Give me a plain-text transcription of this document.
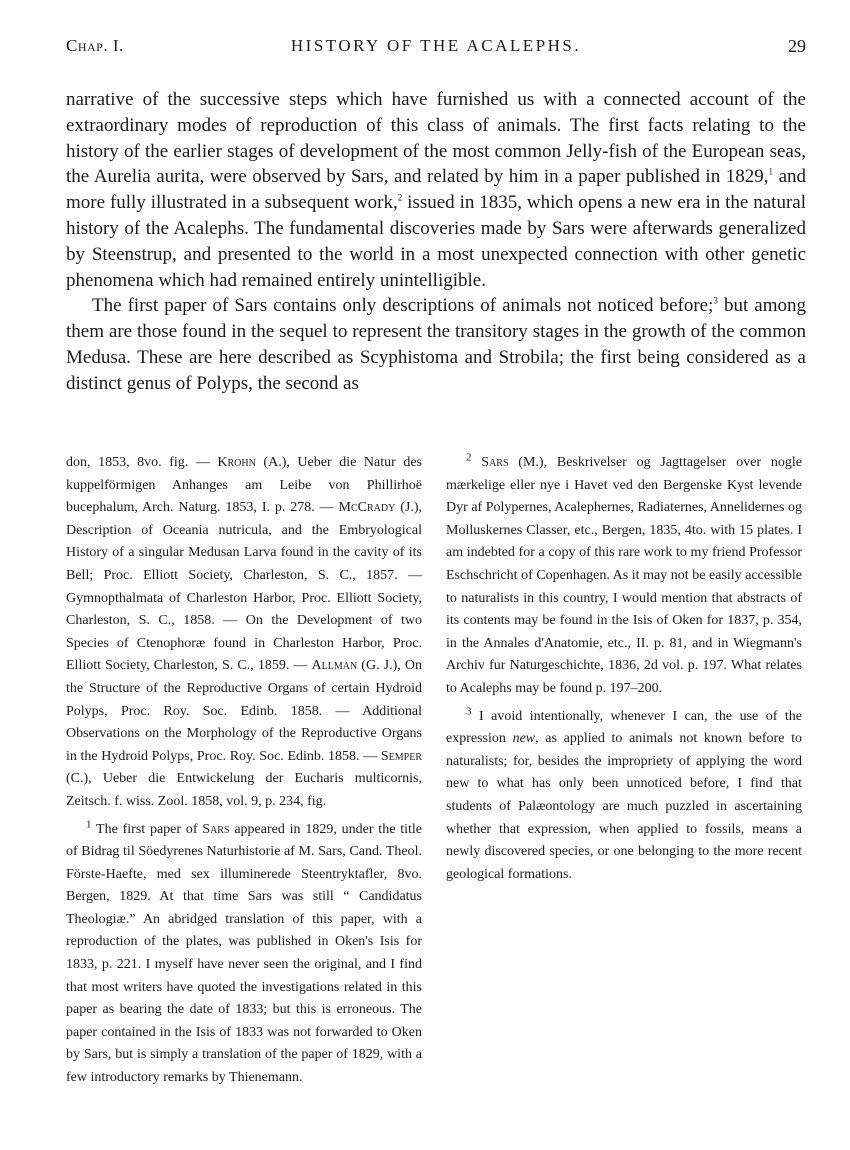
Chap. I.	HISTORY OF THE ACALEPHS.	29

narrative of the successive steps which have furnished us with a connected account of the extraordinary modes of reproduction of this class of animals. The first facts relating to the history of the earlier stages of development of the most common Jelly-fish of the European seas, the Aurelia aurita, were observed by Sars, and related by him in a paper published in 1829,$^1$ and more fully illustrated in a subsequent work,$^2$ issued in 1835, which opens a new era in the natural history of the Acalephs. The fundamental discoveries made by Sars were afterwards generalized by Steenstrup, and presented to the world in a most unexpected connection with other genetic phenomena which had remained entirely unintelligible.

The first paper of Sars contains only descriptions of animals not noticed before;$^3$ but among them are those found in the sequel to represent the transitory stages in the growth of the common Medusa. These are here described as Scyphistoma and Strobila; the first being considered as a distinct genus of Polyps, the second as

don, 1853, 8vo. fig. — Krohn (A.), Ueber die Natur des kuppelförmigen Anhanges am Leibe von Phillirhoë bucephalum, Arch. Naturg. 1853, I. p. 278. — McCrady (J.), Description of Oceania nutricula, and the Embryological History of a singular Medusan Larva found in the cavity of its Bell; Proc. Elliott Society, Charleston, S. C., 1857. — Gymnopthalmata of Charleston Harbor, Proc. Elliott Society, Charleston, S. C., 1858. — On the Development of two Species of Ctenophoræ found in Charleston Harbor, Proc. Elliott Society, Charleston, S. C., 1859. — Allman (G. J.), On the Structure of the Reproductive Organs of certain Hydroid Polyps, Proc. Roy. Soc. Edinb. 1858. — Additional Observations on the Morphology of the Reproductive Organs in the Hydroid Polyps, Proc. Roy. Soc. Edinb. 1858. — Semper (C.), Ueber die Entwickelung der Eucharis multicornis, Zeitsch. f. wiss. Zool. 1858, vol. 9, p. 234, fig.

$^1$ The first paper of Sars appeared in 1829, under the title of Bidrag til Söedyrenes Naturhistorie af M. Sars, Cand. Theol. Förste-Haefte, med sex illuminerede Steentryktafler, 8vo. Bergen, 1829. At that time Sars was still “ Candidatus Theologiæ.” An abridged translation of this paper, with a reproduction of the plates, was published in Oken's Isis for 1833, p. 221. I myself have never seen the original, and I find that most writers have quoted the investigations related in this paper as bearing the date of 1833; but this is erroneous. The paper contained in the Isis of 1833 was not forwarded to Oken by Sars, but is simply a translation of the paper of 1829, with a few introductory remarks by Thienemann.

$^2$ Sars (M.), Beskrivelser og Jagttagelser over nogle mærkelige eller nye i Havet ved den Bergenske Kyst levende Dyr af Polypernes, Acalephernes, Radiaternes, Annelidernes og Molluskernes Classer, etc., Bergen, 1835, 4to. with 15 plates. I am indebted for a copy of this rare work to my friend Professor Eschschricht of Copenhagen. As it may not be easily accessible to naturalists in this country, I would mention that abstracts of its contents may be found in the Isis of Oken for 1837, p. 354, in the Annales d'Anatomie, etc., II. p. 81, and in Wiegmann's Archiv fur Naturgeschichte, 1836, 2d vol. p. 197. What relates to Acalephs may be found p. 197–200.

$^3$ I avoid intentionally, whenever I can, the use of the expression new, as applied to animals not known before to naturalists; for, besides the impropriety of applying the word new to what has only been unnoticed before, I find that students of Palæontology are much puzzled in ascertaining whether that expression, when applied to fossils, means a newly discovered species, or one belonging to the more recent geological formations.
